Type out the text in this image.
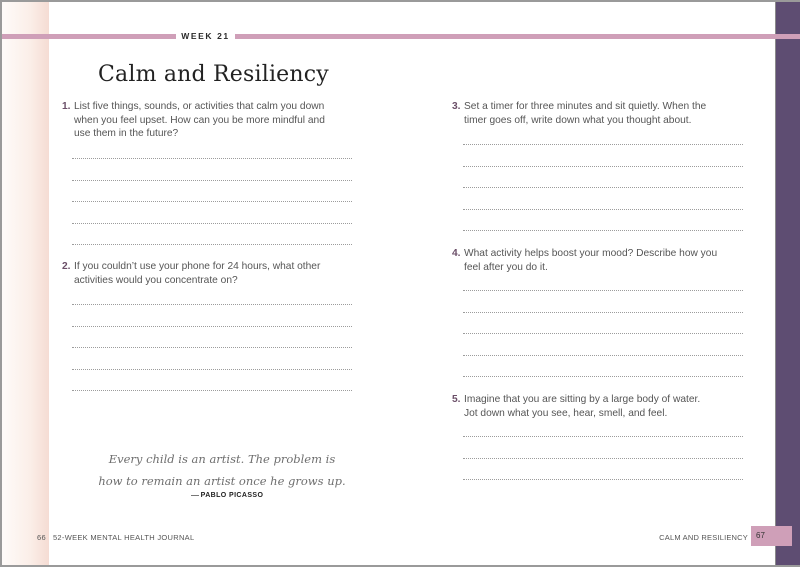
WEEK 21
Calm and Resiliency
1. List five things, sounds, or activities that calm you down
when you feel upset. How can you be more mindful and
use them in the future?
2. If you couldn’t use your phone for 24 hours, what other
activities would you concentrate on?
Every child is an artist. The problem is
how to remain an artist once he grows up.
PABLO PICASSO
3. Set a timer for three minutes and sit quietly. When the
timer goes off, write down what you thought about.
4. What activity helps boost your mood? Describe how you
feel after you do it.
5. Imagine that you are sitting by a large body of water.
Jot down what you see, hear, smell, and feel.
66 52-WEEK MENTAL HEALTH JOURNAL	CALM AND RESILIENCY	67
